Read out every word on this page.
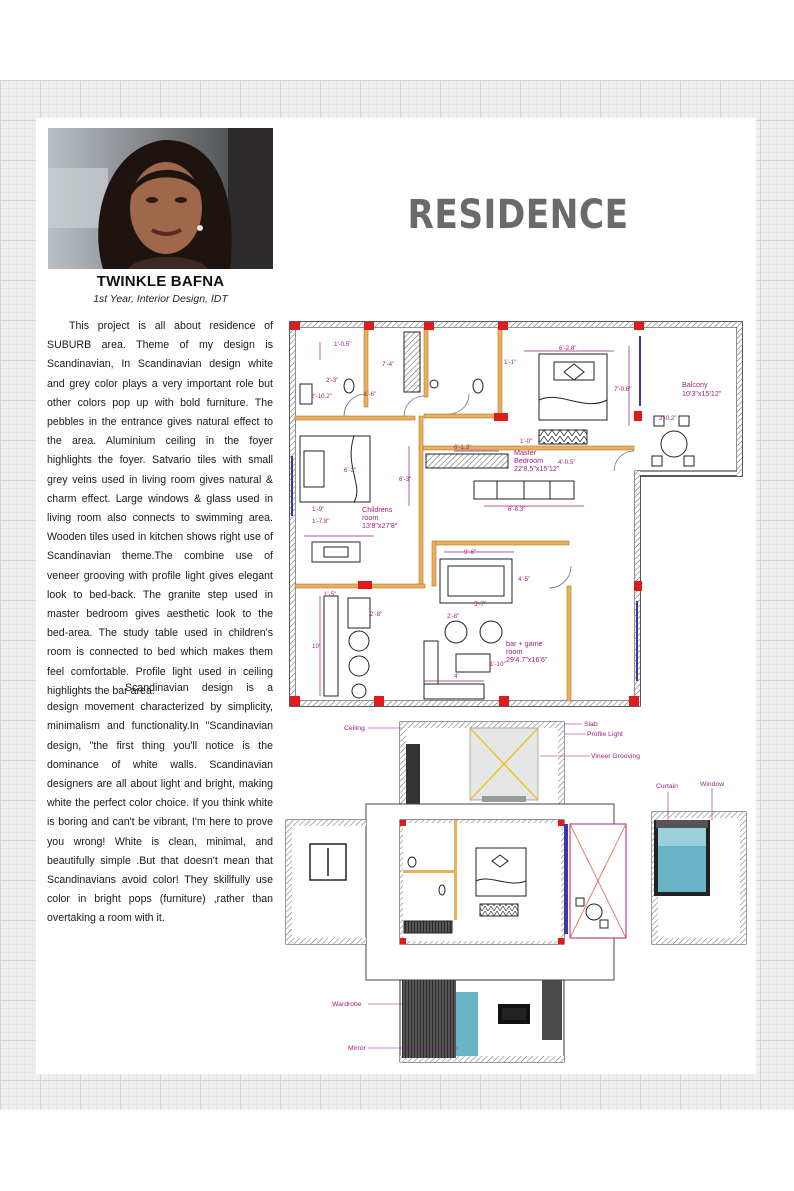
TWINKLE BAFNA
1st Year, Interior Design, IDT

This project is all about residence of SUBURB area. Theme of my design is Scandinavian, In Scandinavian design white and grey color plays a very important role but other colors pop up with bold furniture. The pebbles in the entrance gives natural effect to the area. Aluminium ceiling in the foyer highlights the foyer. Satvario tiles with small grey veins used in living room gives natural & charm effect. Large windows & glass used in living room also connects to swimming area. Wooden tiles used in kitchen shows right use of Scandinavian theme.The combine use of veneer grooving with profile light gives elegant look to bed-back. The granite step used in master bedroom gives aesthetic look to the bed-area. The study table used in children's room is connected to bed which makes them feel comfortable. Profile light used in ceiling highlights the bar area.

Scandinavian design is a design movement characterized by simplicity, minimalism and functionality.In "Scandinavian design, "the first thing you'll notice is the dominance of white walls. Scandinavian designers are all about light and bright, making white the perfect color choice. If you think white is boring and can't be vibrant, I'm here to prove you wrong! White is clean, minimal, and beautifully simple .But that doesn't mean that Scandinavians avoid color! They skillfully use color in bright pops (furniture) ,rather than overtaking a room with it.

RESIDENCE
Balcony
10'3"x15'12"
Master
Bedroom
22'8.5"x15'12"
Childrens
room
13'8"x27'8"
bar + game
room
29'4.7"x16'6"
1'-0.5"
7'-4"	1'-1"
6'-2.8"
2'-3"
2'-10.2"	1'-6"
7'-0.6"
3'-0.2"
6'-1.3"
1'-0"
6'-3"
6'-3"
4'-0.5"
6'-8.3"
1'-9"
1'-7.8"
9'-6"
4'-5"
5'-7"
1'-5"
2'-8"	2'-8"
10'
1'-10"
4'
Ceiling
Slab
Profile Light
Vineer Grooving
Curtain	Window
Wardrobe
Mirror
